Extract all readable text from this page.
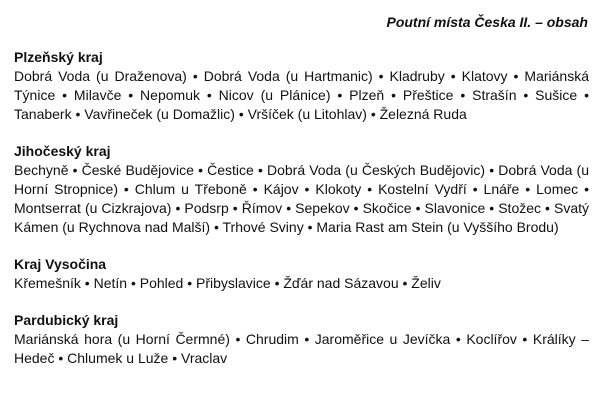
Poutní místa Česka II. – obsah
Plzeňský kraj
Dobrá Voda (u Draženova) • Dobrá Voda (u Hartmanic) • Kladruby • Klatovy • Mariánská Týnice • Milavče • Nepomuk • Nicov (u Plánice) • Plzeň • Přeštice • Strašín • Sušice • Tanaberk • Vavřineček (u Domažlic) • Vršíček (u Litohlav) • Železná Ruda
Jihočeský kraj
Bechyně • České Budějovice • Čestice • Dobrá Voda (u Českých Budějovic) • Dobrá Voda (u Horní Stropnice) • Chlum u Třeboně • Kájov • Klokoty • Kostelní Vydří • Lnáře • Lomec • Montserrat (u Cizkrajova) • Podsrp • Římov • Sepekov • Skočice • Slavonice • Stožec • Svatý Kámen (u Rychnova nad Malší) • Trhové Sviny • Maria Rast am Stein (u Vyššího Brodu)
Kraj Vysočina
Křemešník • Netín • Pohled • Přibyslavice • Žďár nad Sázavou • Želiv
Pardubický kraj
Mariánská hora (u Horní Čermné) • Chrudim • Jaroměřice u Jevíčka • Koclířov • Králíky – Hedeč • Chlumek u Luže • Vraclav
